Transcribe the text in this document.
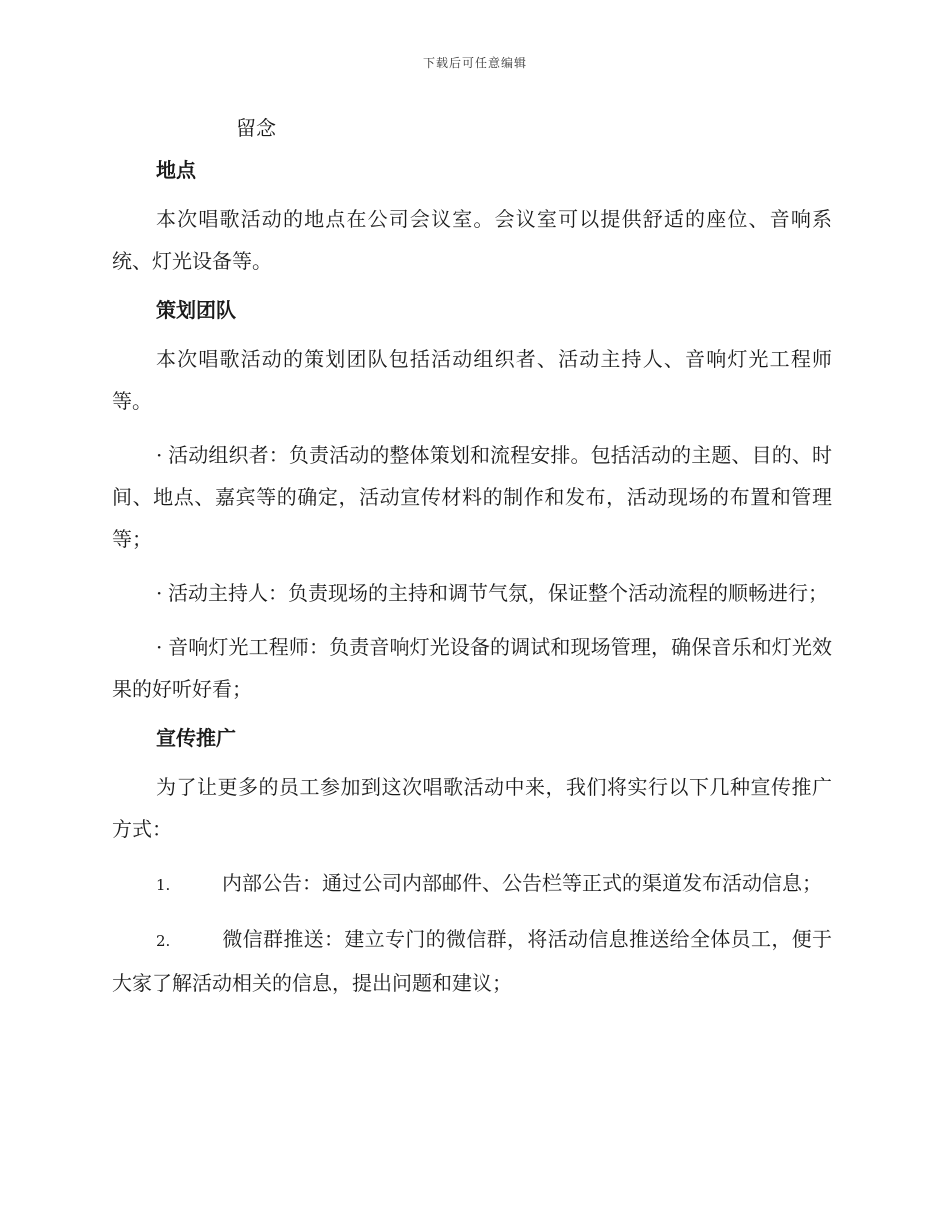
下载后可任意编辑
留念
地点

本次唱歌活动的地点在公司会议室。会议室可以提供舒适的座位、音响系统、灯光设备等。

策划团队

本次唱歌活动的策划团队包括活动组织者、活动主持人、音响灯光工程师等。

· 活动组织者：负责活动的整体策划和流程安排。包括活动的主题、目的、时间、地点、嘉宾等的确定，活动宣传材料的制作和发布，活动现场的布置和管理等；

· 活动主持人：负责现场的主持和调节气氛，保证整个活动流程的顺畅进行；

· 音响灯光工程师：负责音响灯光设备的调试和现场管理，确保音乐和灯光效果的好听好看；

宣传推广

为了让更多的员工参加到这次唱歌活动中来，我们将实行以下几种宣传推广方式：

1.	内部公告：通过公司内部邮件、公告栏等正式的渠道发布活动信息；

2.	微信群推送：建立专门的微信群，将活动信息推送给全体员工，便于大家了解活动相关的信息，提出问题和建议；
